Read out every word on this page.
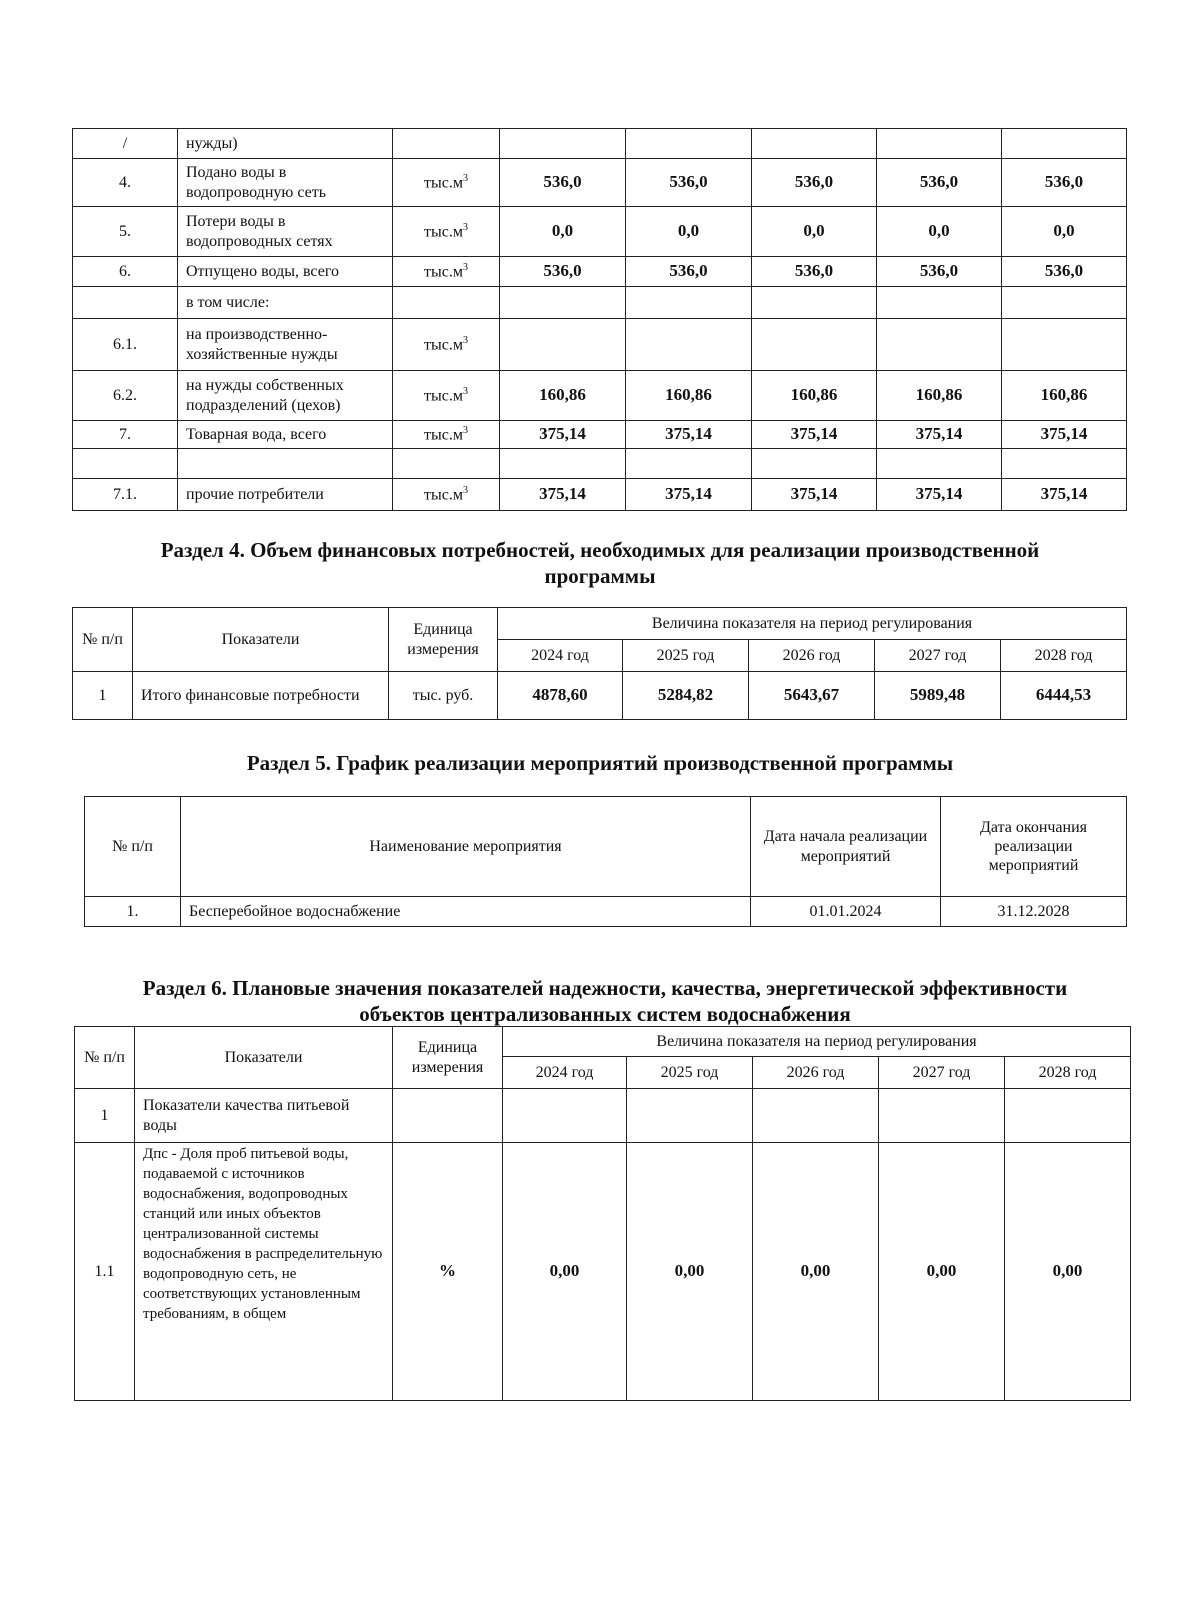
/	нужды)						
4.	Подано воды в водопроводную сеть	$тыс.м^3$	536,0	536,0	536,0	536,0	536,0
5.	Потери воды в водопроводных сетях	$тыс.м^3$	0,0	0,0	0,0	0,0	0,0
6.	Отпущено воды, всего	$тыс.м^3$	536,0	536,0	536,0	536,0	536,0
	в том числе:						
6.1.	на производственно-хозяйственные нужды	$тыс.м^3$					
6.2.	на нужды собственных подразделений (цехов)	$тыс.м^3$	160,86	160,86	160,86	160,86	160,86
7.	Товарная вода, всего	$тыс.м^3$	375,14	375,14	375,14	375,14	375,14

7.1.	прочие потребители	$тыс.м^3$	375,14	375,14	375,14	375,14	375,14
Раздел 4. Объем финансовых потребностей, необходимых для реализации производственной
программы
№ п/п	Показатели	Единица измерения	Величина показателя на период регулирования				
			2024 год	2025 год	2026 год	2027 год	2028 год
1	Итого финансовые потребности	тыс. руб.	4878,60	5284,82	5643,67	5989,48	6444,53
Раздел 5. График реализации мероприятий производственной программы
№ п/п	Наименование мероприятия	Дата начала реализации мероприятий	Дата окончания реализации мероприятий
1.	Бесперебойное водоснабжение	01.01.2024	31.12.2028
Раздел 6. Плановые значения показателей надежности, качества, энергетической эффективности
объектов централизованных систем водоснабжения
№ п/п	Показатели	Единица измерения	Величина показателя на период регулирования				
			2024 год	2025 год	2026 год	2027 год	2028 год
1	Показатели качества питьевой воды						
1.1	Дпс - Доля проб питьевой воды, подаваемой с источников водоснабжения, водопроводных станций или иных объектов централизованной системы водоснабжения в распределительную водопроводную сеть, не соответствующих установленным требованиям, в общем	%	0,00	0,00	0,00	0,00	0,00
